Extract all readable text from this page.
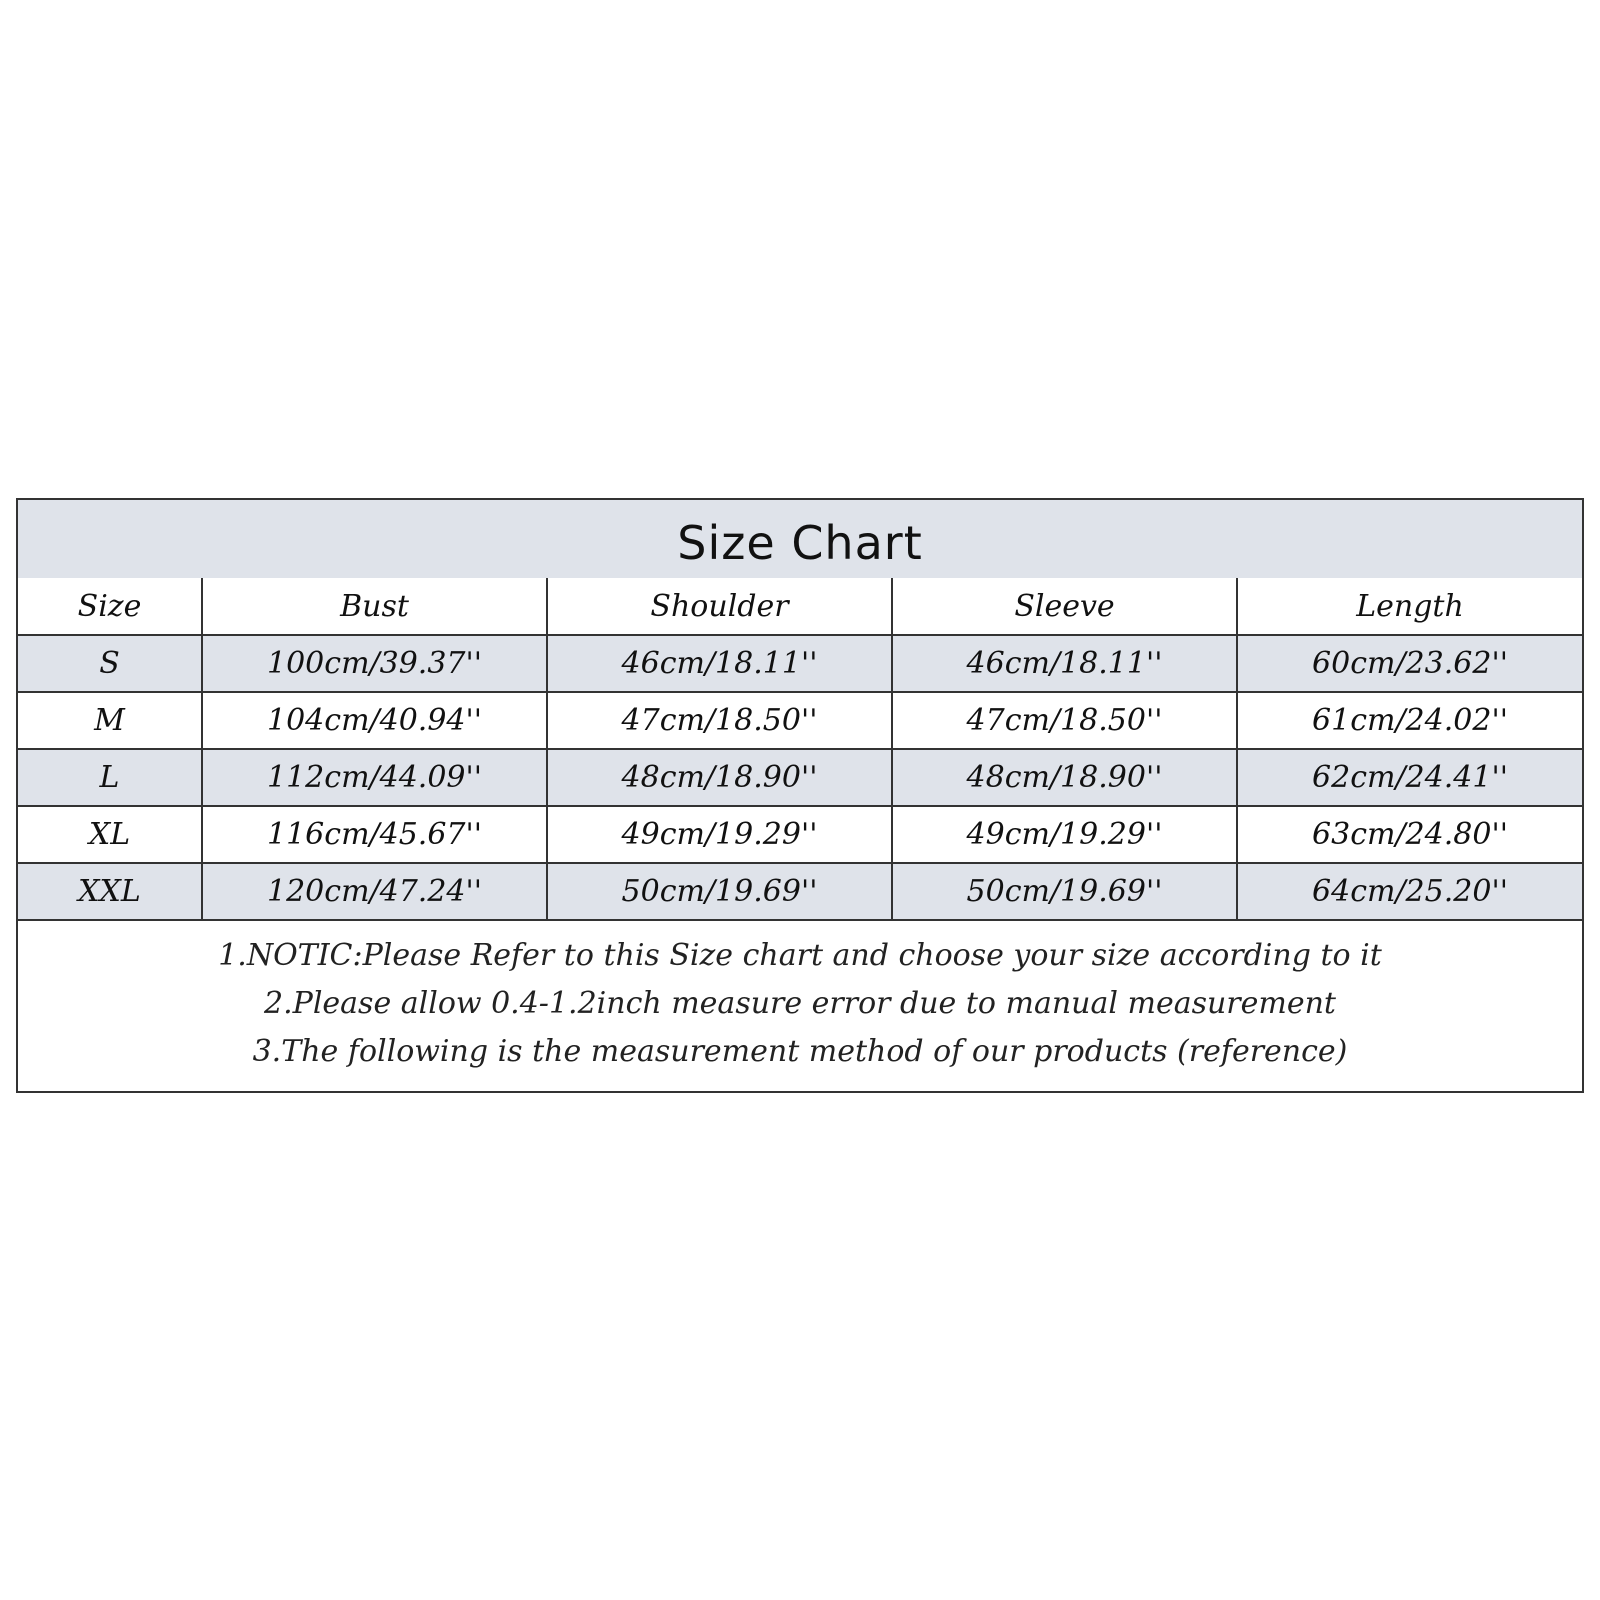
Size Chart
Size	Bust	Shoulder	Sleeve	Length
S	100cm/39.37''	46cm/18.11''	46cm/18.11''	60cm/23.62''
M	104cm/40.94''	47cm/18.50''	47cm/18.50''	61cm/24.02''
L	112cm/44.09''	48cm/18.90''	48cm/18.90''	62cm/24.41''
XL	116cm/45.67''	49cm/19.29''	49cm/19.29''	63cm/24.80''
XXL	120cm/47.24''	50cm/19.69''	50cm/19.69''	64cm/25.20''
1.NOTIC:Please Refer to this Size chart and choose your size according to it
2.Please allow 0.4-1.2inch measure error due to manual measurement
3.The following is the measurement method of our products (reference)
